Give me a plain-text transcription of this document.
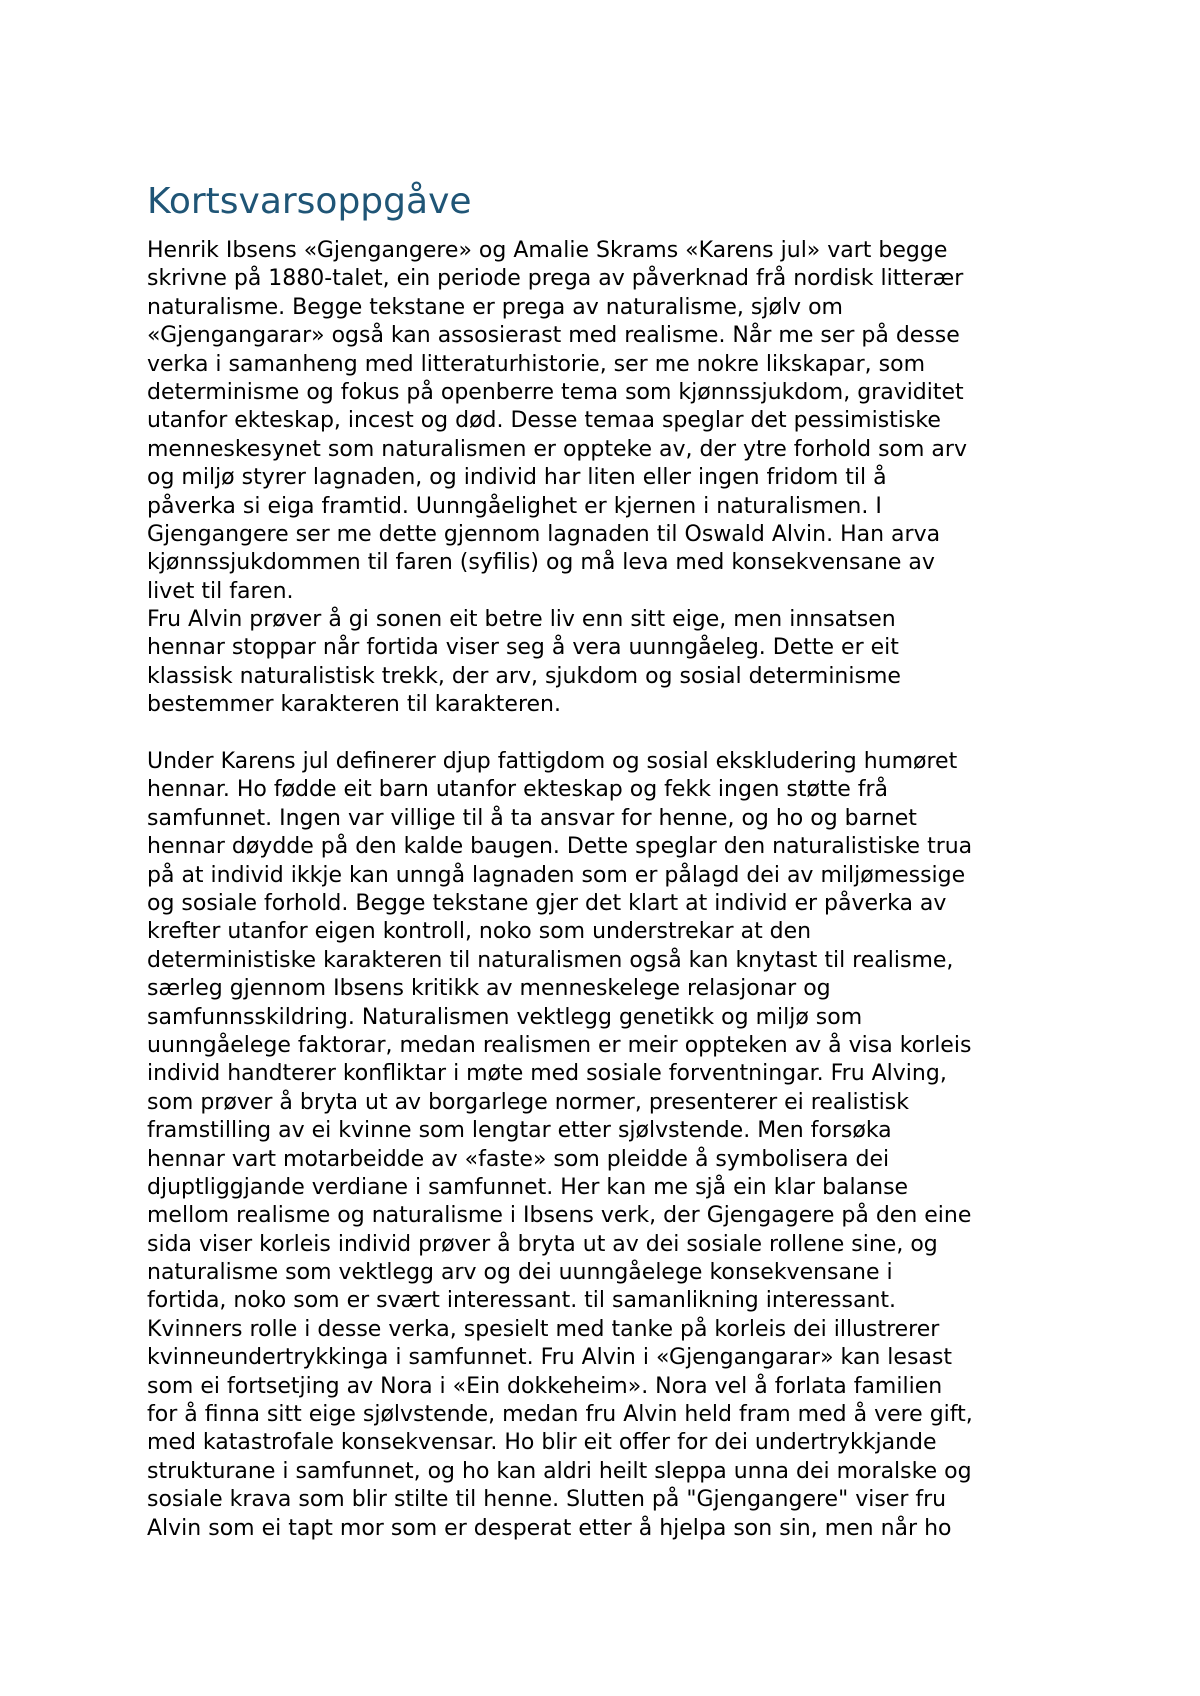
Kortsvarsoppgåve
Henrik Ibsens «Gjengangere» og Amalie Skrams «Karens jul» vart begge
skrivne på 1880-talet, ein periode prega av påverknad frå nordisk litterær
naturalisme. Begge tekstane er prega av naturalisme, sjølv om
«Gjengangarar» også kan assosierast med realisme. Når me ser på desse
verka i samanheng med litteraturhistorie, ser me nokre likskapar, som
determinisme og fokus på openberre tema som kjønnssjukdom, graviditet
utanfor ekteskap, incest og død. Desse temaa speglar det pessimistiske
menneskesynet som naturalismen er oppteke av, der ytre forhold som arv
og miljø styrer lagnaden, og individ har liten eller ingen fridom til å
påverka si eiga framtid. Uunngåelighet er kjernen i naturalismen. I
Gjengangere ser me dette gjennom lagnaden til Oswald Alvin. Han arva
kjønnssjukdommen til faren (syfilis) og må leva med konsekvensane av
livet til faren.
Fru Alvin prøver å gi sonen eit betre liv enn sitt eige, men innsatsen
hennar stoppar når fortida viser seg å vera uunngåeleg. Dette er eit
klassisk naturalistisk trekk, der arv, sjukdom og sosial determinisme
bestemmer karakteren til karakteren.
Under Karens jul definerer djup fattigdom og sosial ekskludering humøret
hennar. Ho fødde eit barn utanfor ekteskap og fekk ingen støtte frå
samfunnet. Ingen var villige til å ta ansvar for henne, og ho og barnet
hennar døydde på den kalde baugen. Dette speglar den naturalistiske trua
på at individ ikkje kan unngå lagnaden som er pålagd dei av miljømessige
og sosiale forhold. Begge tekstane gjer det klart at individ er påverka av
krefter utanfor eigen kontroll, noko som understrekar at den
deterministiske karakteren til naturalismen også kan knytast til realisme,
særleg gjennom Ibsens kritikk av menneskelege relasjonar og
samfunnsskildring. Naturalismen vektlegg genetikk og miljø som
uunngåelege faktorar, medan realismen er meir oppteken av å visa korleis
individ handterer konfliktar i møte med sosiale forventningar. Fru Alving,
som prøver å bryta ut av borgarlege normer, presenterer ei realistisk
framstilling av ei kvinne som lengtar etter sjølvstende. Men forsøka
hennar vart motarbeidde av «faste» som pleidde å symbolisera dei
djuptliggjande verdiane i samfunnet. Her kan me sjå ein klar balanse
mellom realisme og naturalisme i Ibsens verk, der Gjengagere på den eine
sida viser korleis individ prøver å bryta ut av dei sosiale rollene sine, og
naturalisme som vektlegg arv og dei uunngåelege konsekvensane i
fortida, noko som er svært interessant. til samanlikning interessant.
Kvinners rolle i desse verka, spesielt med tanke på korleis dei illustrerer
kvinneundertrykkinga i samfunnet. Fru Alvin i «Gjengangarar» kan lesast
som ei fortsetjing av Nora i «Ein dokkeheim». Nora vel å forlata familien
for å finna sitt eige sjølvstende, medan fru Alvin held fram med å vere gift,
med katastrofale konsekvensar. Ho blir eit offer for dei undertrykkjande
strukturane i samfunnet, og ho kan aldri heilt sleppa unna dei moralske og
sosiale krava som blir stilte til henne. Slutten på "Gjengangere" viser fru
Alvin som ei tapt mor som er desperat etter å hjelpa son sin, men når ho
